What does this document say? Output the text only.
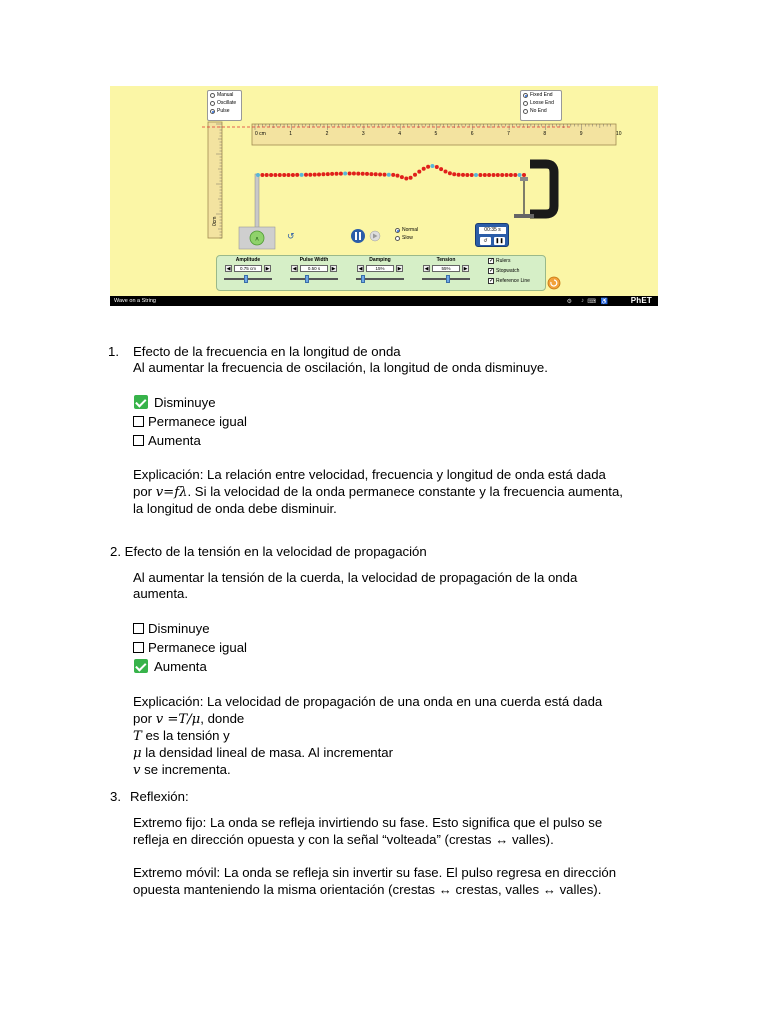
ʌ	↺
Manual
Oscillate
Pulse
Fixed End
Loose End
No End
0 cm	1	2	3	4	5	6	7	8	9	10
0cm
Normal
Slow
00:35 s
↺	❚❚
Amplitude
◀	0.75 cm	▶
Pulse Width
◀	0.50 s	▶
Damping
◀	15%	▶
Tension
◀	55%	▶
✓ Rulers
✓ Stopwatch
✓ Reference Line
Wave on a String	⚙ ♪ ⌨ ♿	PhET
1. Efecto de la frecuencia en la longitud de onda
Al aumentar la frecuencia de oscilación, la longitud de onda disminuye.
Disminuye
Permanece igual
Aumenta
Explicación: La relación entre velocidad, frecuencia y longitud de onda está dada
por v=fλ. Si la velocidad de la onda permanece constante y la frecuencia aumenta,
la longitud de onda debe disminuir.
2. Efecto de la tensión en la velocidad de propagación
Al aumentar la tensión de la cuerda, la velocidad de propagación de la onda
aumenta.
Disminuye
Permanece igual
Aumenta
Explicación: La velocidad de propagación de una onda en una cuerda está dada
por v =T/μ, donde
T es la tensión y
μ la densidad lineal de masa. Al incrementar
v se incrementa.
3. Reflexión:
Extremo fijo: La onda se refleja invirtiendo su fase. Esto significa que el pulso se
refleja en dirección opuesta y con la señal “volteada” (crestas ↔ valles).
Extremo móvil: La onda se refleja sin invertir su fase. El pulso regresa en dirección
opuesta manteniendo la misma orientación (crestas ↔ crestas, valles ↔ valles).
